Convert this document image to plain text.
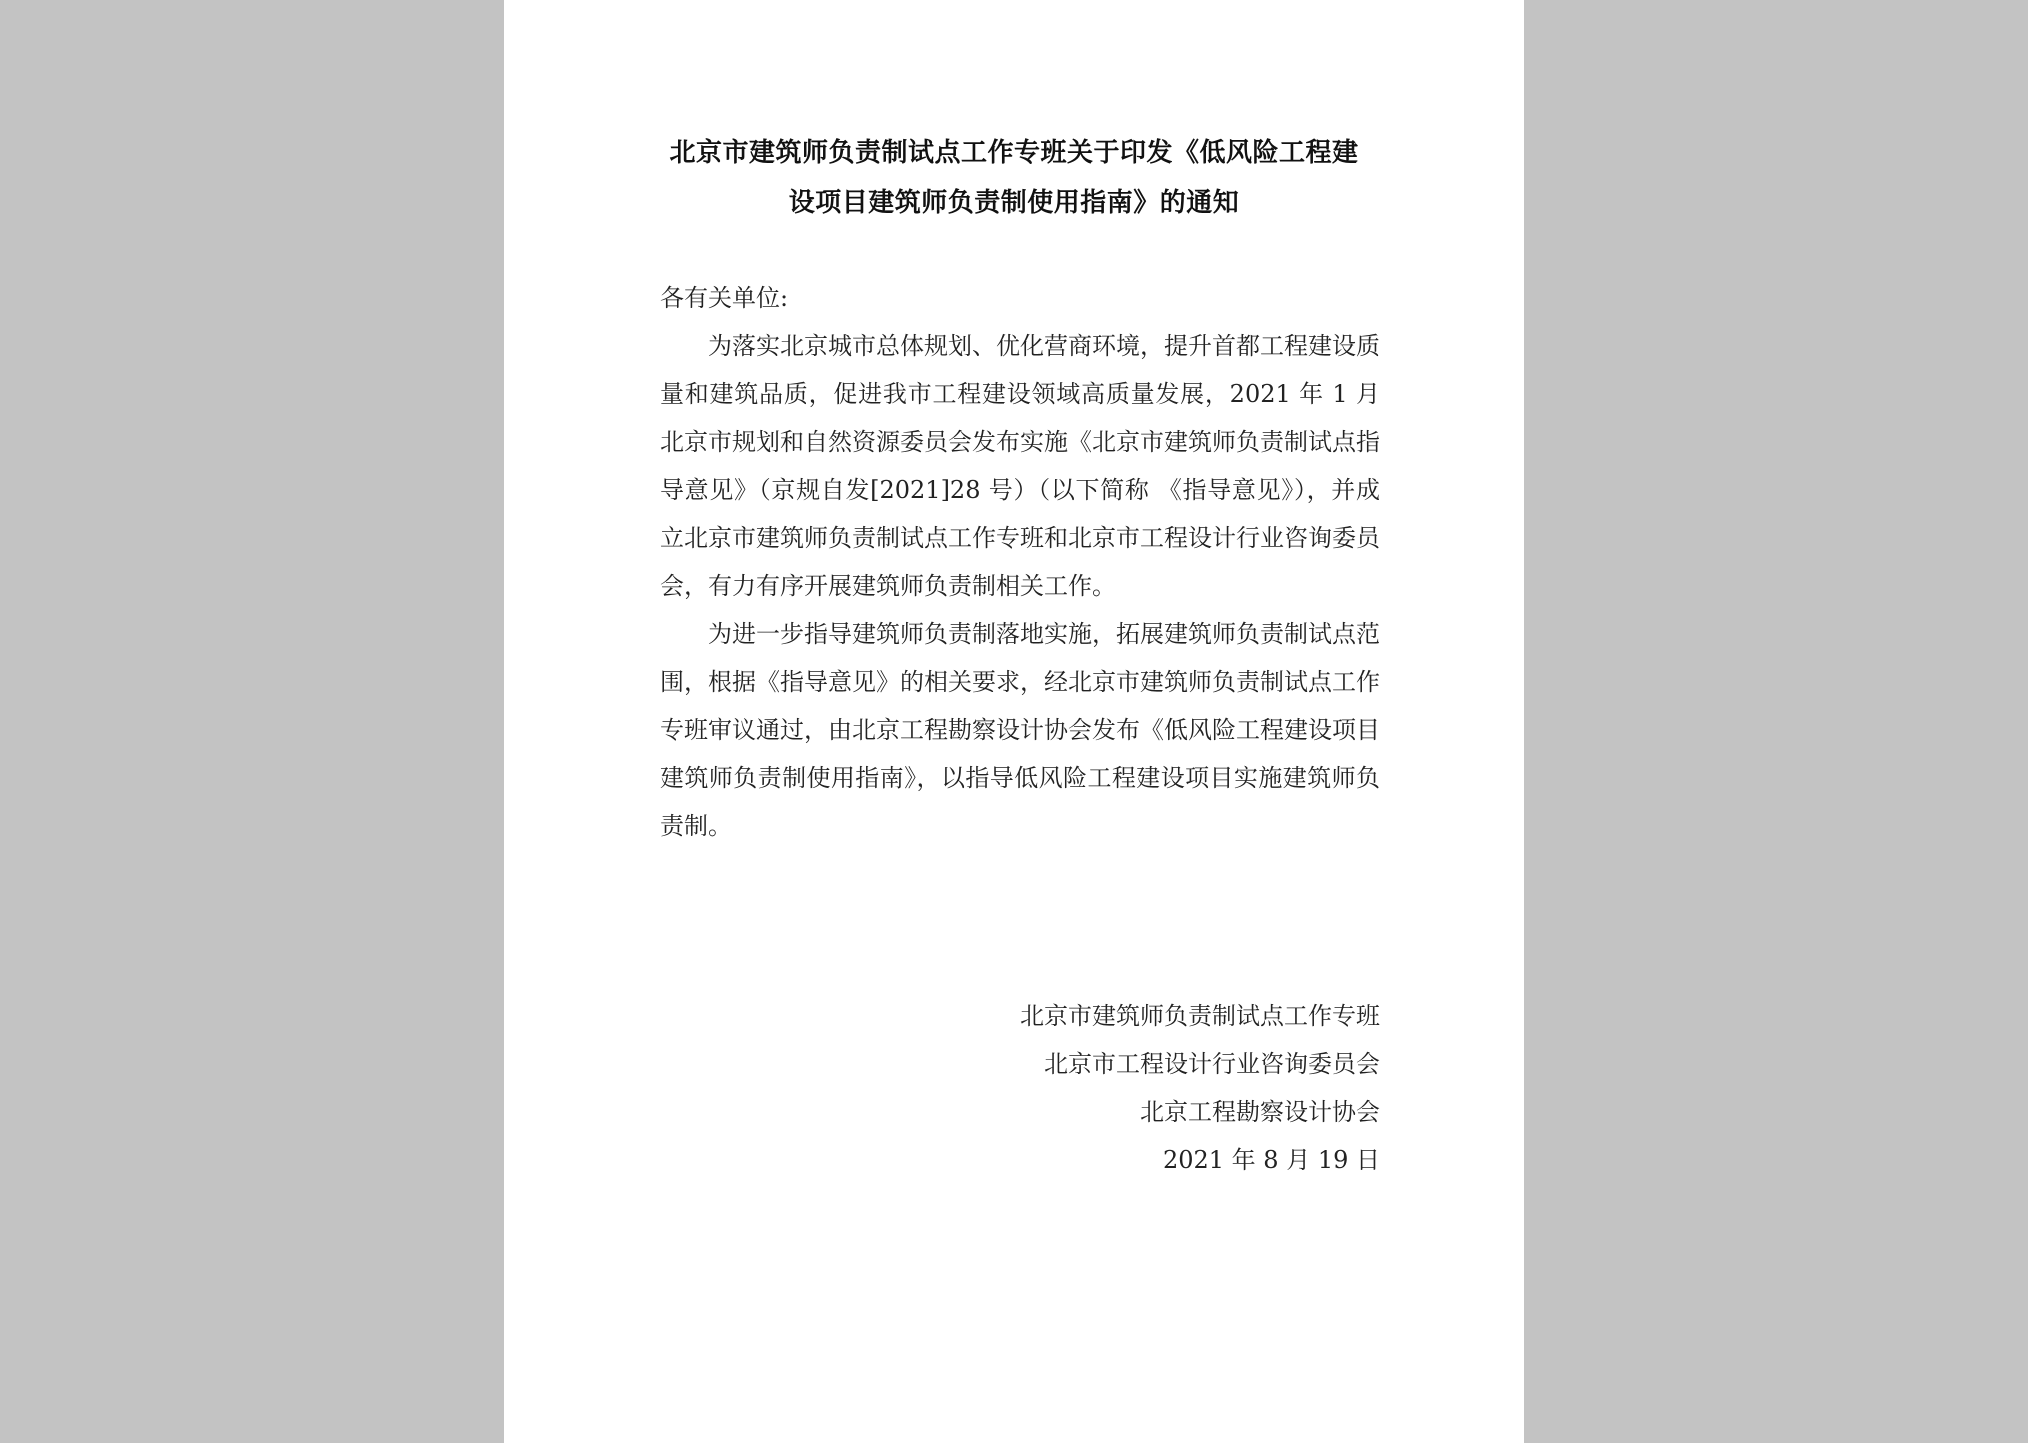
北京市建筑师负责制试点工作专班关于印发《低风险工程建
设项目建筑师负责制使用指南》的通知

各有关单位:

为落实北京城市总体规划、优化营商环境，提升首都工程建设质量和建筑品质，促进我市工程建设领域高质量发展，2021 年 1 月北京市规划和自然资源委员会发布实施《北京市建筑师负责制试点指导意见》（京规自发[2021]28 号）（以下简称 《指导意见》），并成立北京市建筑师负责制试点工作专班和北京市工程设计行业咨询委员会，有力有序开展建筑师负责制相关工作。

为进一步指导建筑师负责制落地实施，拓展建筑师负责制试点范围，根据《指导意见》的相关要求，经北京市建筑师负责制试点工作专班审议通过，由北京工程勘察设计协会发布《低风险工程建设项目建筑师负责制使用指南》，以指导低风险工程建设项目实施建筑师负责制。

北京市建筑师负责制试点工作专班
北京市工程设计行业咨询委员会
北京工程勘察设计协会
2021 年 8 月 19 日
